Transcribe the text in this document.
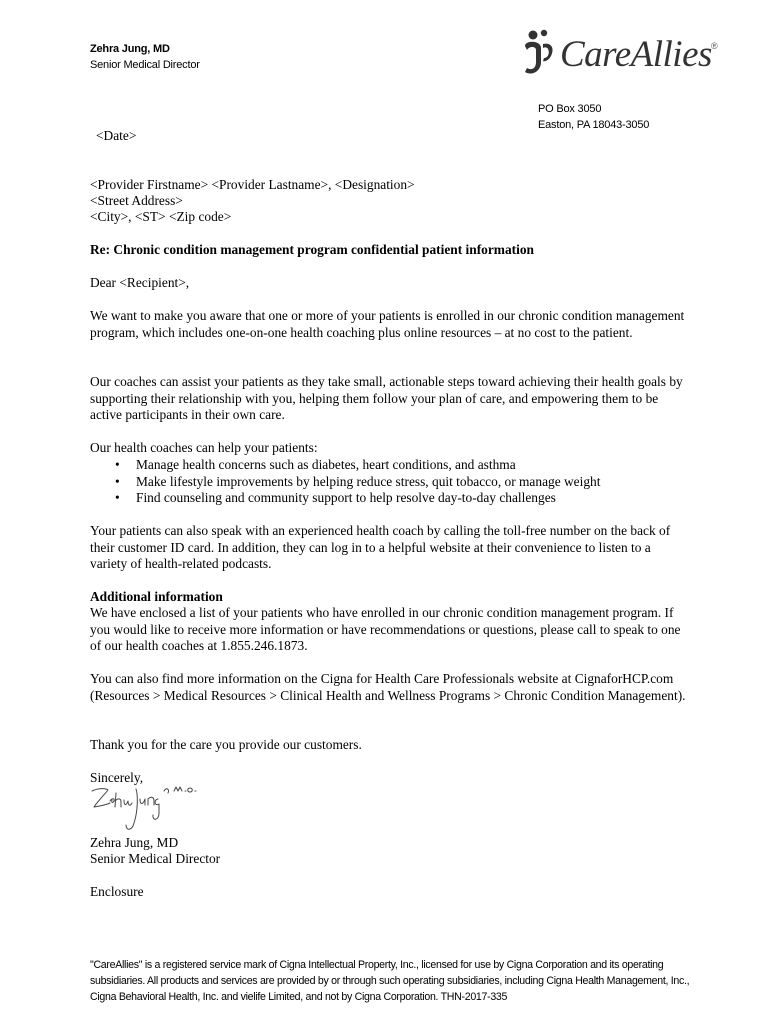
Zehra Jung, MD
Senior Medical Director	CareAllies ®
PO Box 3050
Easton, PA 18043-3050
<Date>
<Provider Firstname> <Provider Lastname>, <Designation>
<Street Address>
<City>, <ST> <Zip code>
Re: Chronic condition management program confidential patient information
Dear <Recipient>,

We want to make you aware that one or more of your patients is enrolled in our chronic condition management program, which includes one-on-one health coaching plus online resources – at no cost to the patient.

Our coaches can assist your patients as they take small, actionable steps toward achieving their health goals by supporting their relationship with you, helping them follow your plan of care, and empowering them to be active participants in their own care.

Our health coaches can help your patients:

• Manage health concerns such as diabetes, heart conditions, and asthma
• Make lifestyle improvements by helping reduce stress, quit tobacco, or manage weight
• Find counseling and community support to help resolve day-to-day challenges

Your patients can also speak with an experienced health coach by calling the toll-free number on the back of their customer ID card. In addition, they can log in to a helpful website at their convenience to listen to a variety of health-related podcasts.

Additional information

We have enclosed a list of your patients who have enrolled in our chronic condition management program. If you would like to receive more information or have recommendations or questions, please call to speak to one of our health coaches at 1.855.246.1873.

You can also find more information on the Cigna for Health Care Professionals website at CignaforHCP.com (Resources > Medical Resources > Clinical Health and Wellness Programs > Chronic Condition Management).

Thank you for the care you provide our customers.
Sincerely,
Zehra Jung, MD
Senior Medical Director
Enclosure
"CareAllies" is a registered service mark of Cigna Intellectual Property, Inc., licensed for use by Cigna Corporation and its operating subsidiaries. All products and services are provided by or through such operating subsidiaries, including Cigna Health Management, Inc., Cigna Behavioral Health, Inc. and vielife Limited, and not by Cigna Corporation. THN-2017-335
